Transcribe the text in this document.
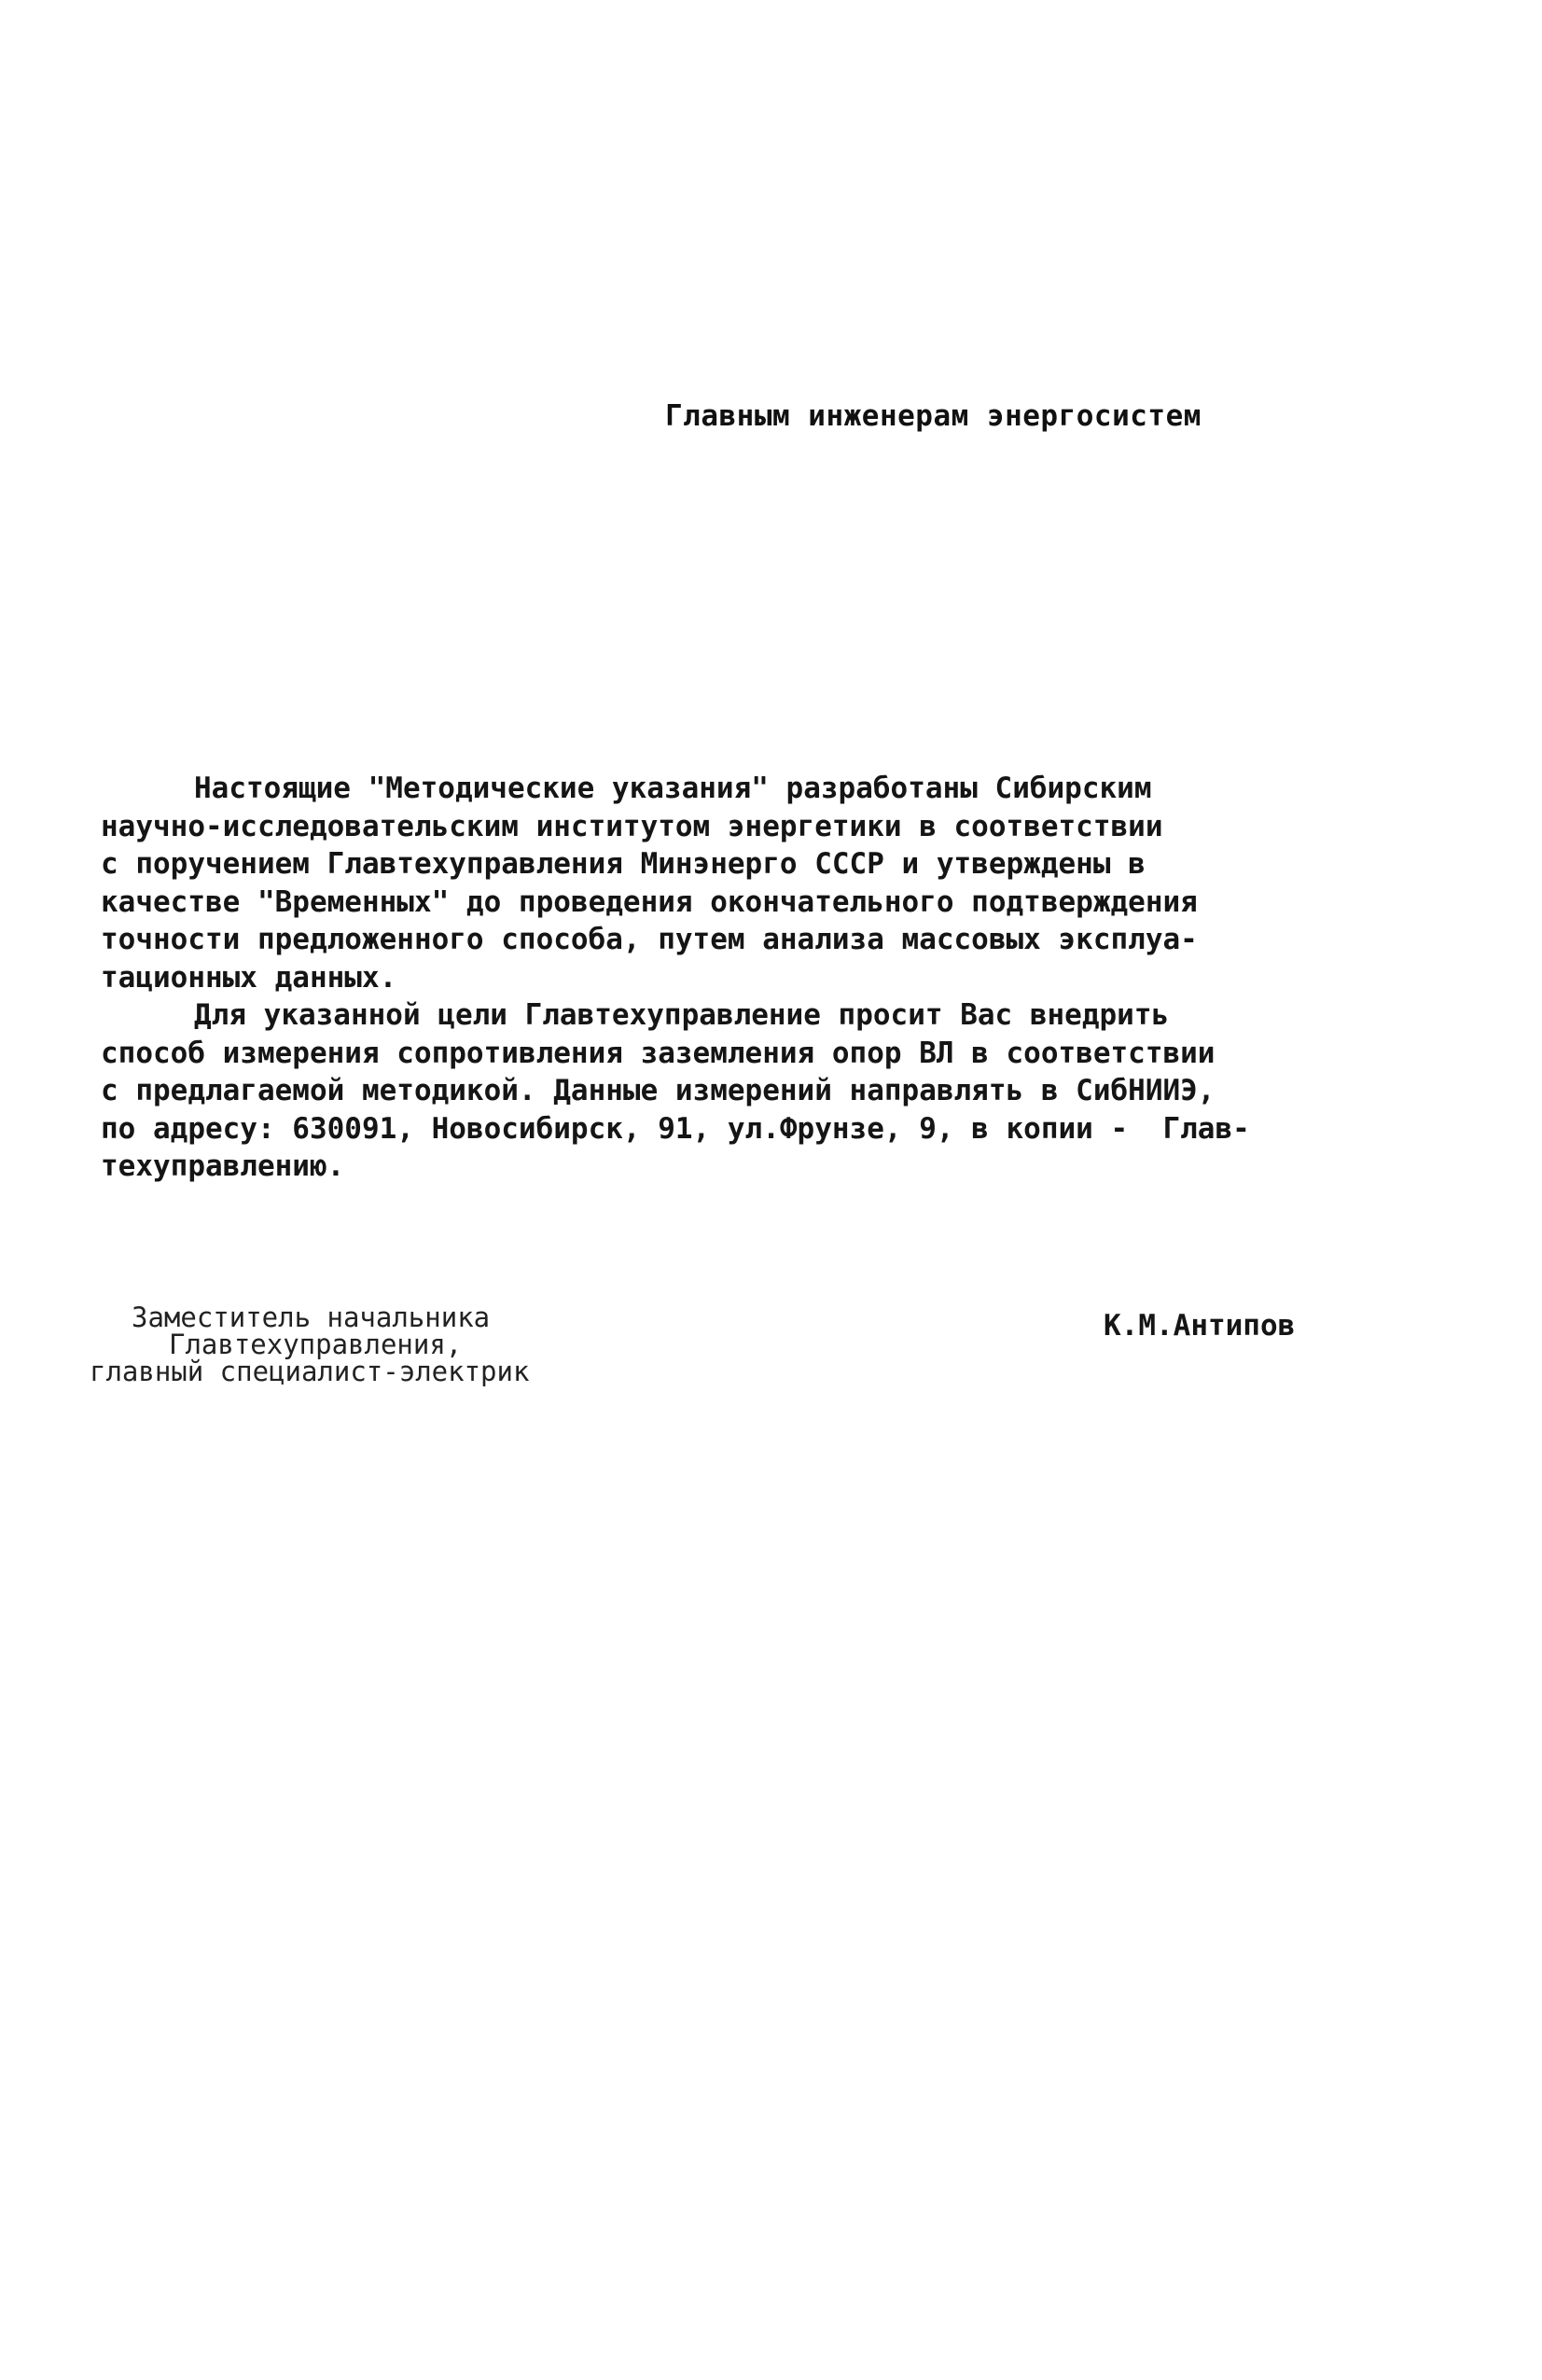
Главным инженерам энергосистем
Настоящие "Методические указания" разработаны Сибирским
научно-исследовательским институтом энергетики в соответствии
с поручением Главтехуправления Минэнерго СССР и утверждены в
качестве "Временных" до проведения окончательного подтверждения
точности предложенного способа, путем анализа массовых эксплуа-
тационных данных.
Для указанной цели Главтехуправление просит Вас внедрить
способ измерения сопротивления заземления опор ВЛ в соответствии
с предлагаемой методикой. Данные измерений направлять в СибНИИЭ,
по адресу: 630091, Новосибирск, 91, ул.Фрунзе, 9, в копии -  Глав-
техуправлению.
Заместитель начальника
Главтехуправления,
главный специалист-электрик
К.М.Антипов
